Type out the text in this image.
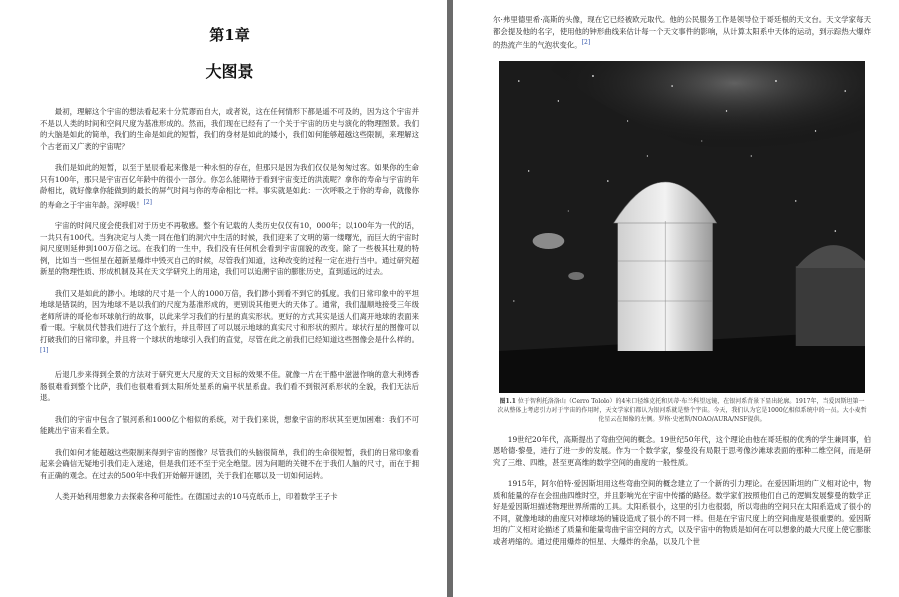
第1章
大图景

最初，理解这个宇宙的想法看起来十分荒谬而自大，或者说，这在任何情形下都是遥不可及的，因为这个宇宙并不是以人类的时间和空间尺度为基准形成的。然而，我们现在已经有了一个关于宇宙的历史与演化的物理图景。我们的大脑是如此的简单，我们的生命是如此的短暂，我们的身材是如此的矮小，我们如何能够超越这些限制，来理解这个古老而又广袤的宇宙呢？

我们是如此的短暂，以至于星辰看起来像是一种永恒的存在，但那只是因为我们仅仅是匆匆过客。如果你的生命只有100年，那只是宇宙百亿年龄中的很小一部分。你怎么能期待于看到宇宙变迁的洪流呢？拿你的寿命与宇宙的年龄相比，就好像拿你能做到的最长的屏气时间与你的寿命相比一样。事实就是如此：一次呼吸之于你的寿命，就像你的寿命之于宇宙年龄。深呼吸！[2]

宇宙的时间尺度会使我们对于历史不再敬感。整个有记载的人类历史仅仅有10，000年；以100年为一代的话，一共只有100代。当狗决定与人类一同在他们的洞穴中生活的时候，我们迎来了文明的第一缕曙光，而巨大的宇宙时间尺度则延伸到100万倍之远。在我们的一生中，我们没有任何机会看到宇宙面貌的改变。除了一些极其壮观的特例，比如当一些恒星在超新星爆炸中毁灭自己的时候，尽管我们知道，这种改变的过程一定在进行当中。通过研究超新星的物理性质、形成机制及其在天文学研究上的用途，我们可以追溯宇宙的膨胀历史，直到遥远的过去。

我们又是如此的渺小。地球的尺寸是一个人的1000万倍，我们渺小到看不到它的弧度。我们日常印象中的平坦地球是错误的，因为地球不是以我们的尺度为基准形成的，更别说其他更大的天体了。通常，我们温顺地接受三年级老师所讲的哥伦布环球航行的故事，以此来学习我们的行星的真实形状。更好的方式其实是送人们离开地球的表面来看一眼。宇航员代替我们进行了这个旅行，并且带回了可以展示地球的真实尺寸和形状的照片。球状行星的图像可以打破我们的日常印象，并且将一个球状的地球引入我们的直觉，尽管在此之前我们已经知道这些图像会是什么样的。[1]

后退几步来得到全景的方法对于研究更大尺度的天文目标的效果不佳。就像一片在干酪中滋滋作响的意大利烤香肠很难看到整个比萨，我们也很难看到太阳所处星系的扁平状星系盘。我们看不到银河系形状的全貌，我们无法后退。

我们的宇宙中包含了银河系和1000亿个相似的系统，对于我们来说，想象宇宙的形状其至更加困难：我们不可能跳出宇宙来看全景。

我们如何才能超越这些限制来得到宇宙的图像？尽管我们的头脑很简单，我们的生命很短暂，我们的日常印象看起来会确信无疑地引我们走入迷途，但是我们还不至于完全绝望。因为问题的关键不在于我们人脑的尺寸，而在于拥有正确的观念。在过去的500年中我们开始解开谜团，关于我们在哪以及一切如何运转。

人类开始利用想象力去探索各种可能性。在德国过去的10马克纸币上，印着数学王子卡

尔·弗里德里希·高斯的头像，现在它已经被欧元取代。他的公民服务工作是领导位于哥廷根的天文台。天文学家每天都会提及他的名字，使用他的钟形曲线来估计每一个天文事件的影响，从计算太阳系中天体的运动，到示踪热大爆炸的热流产生的气泡状变化。[2]

图1.1 位于智利托洛洛山（Cerro Tololo）的4米口径维克托和贝蒂·布兰科望远镜，在银河系背景下显出轮廓。1917年，当爱因斯坦第一次从整体上考虑引力对于宇宙的作用时，天文学家们都认为银河系就是整个宇宙。今天，我们认为它是1000亿相似系统中的一员。大小麦哲伦星云在图像的左侧。罗格·史密斯/NOAO/AURA/NSF提供。

19世纪20年代，高斯提出了弯曲空间的概念。19世纪50年代，这个理论由他在哥廷根的优秀的学生兼同事，伯恩哈德·黎曼，进行了进一步的发展。作为一个数学家，黎曼没有局限于思考像沙滩球表面的那种二维空间，而是研究了三维、四维，甚至更高维的数学空间的曲度的一般性质。

1915年，阿尔伯特·爱因斯坦用这些弯曲空间的概念建立了一个新的引力理论。在爱因斯坦的广义相对论中，物质和能量的存在会扭曲四维时空，并且影响光在宇宙中传播的路径。数学家们按照他们自己的逻辑发展黎曼的数学正好是爱因斯坦描述物理世界所需的工具。太阳系很小，这里的引力也很弱，所以弯曲的空间只在太阳系造成了很小的不同，就像地球的曲度只对棒球场的铺设造成了很小的不同一样。但是在宇宙尺度上的空间曲度是很重要的。爱因斯坦的广义相对论描述了质量和能量弯曲宇宙空间的方式，以及宇宙中的物质是如何在可以想象的最大尺度上使它膨胀或者坍缩的。通过使用爆炸的恒星、大爆炸的余晶，以及几个世
